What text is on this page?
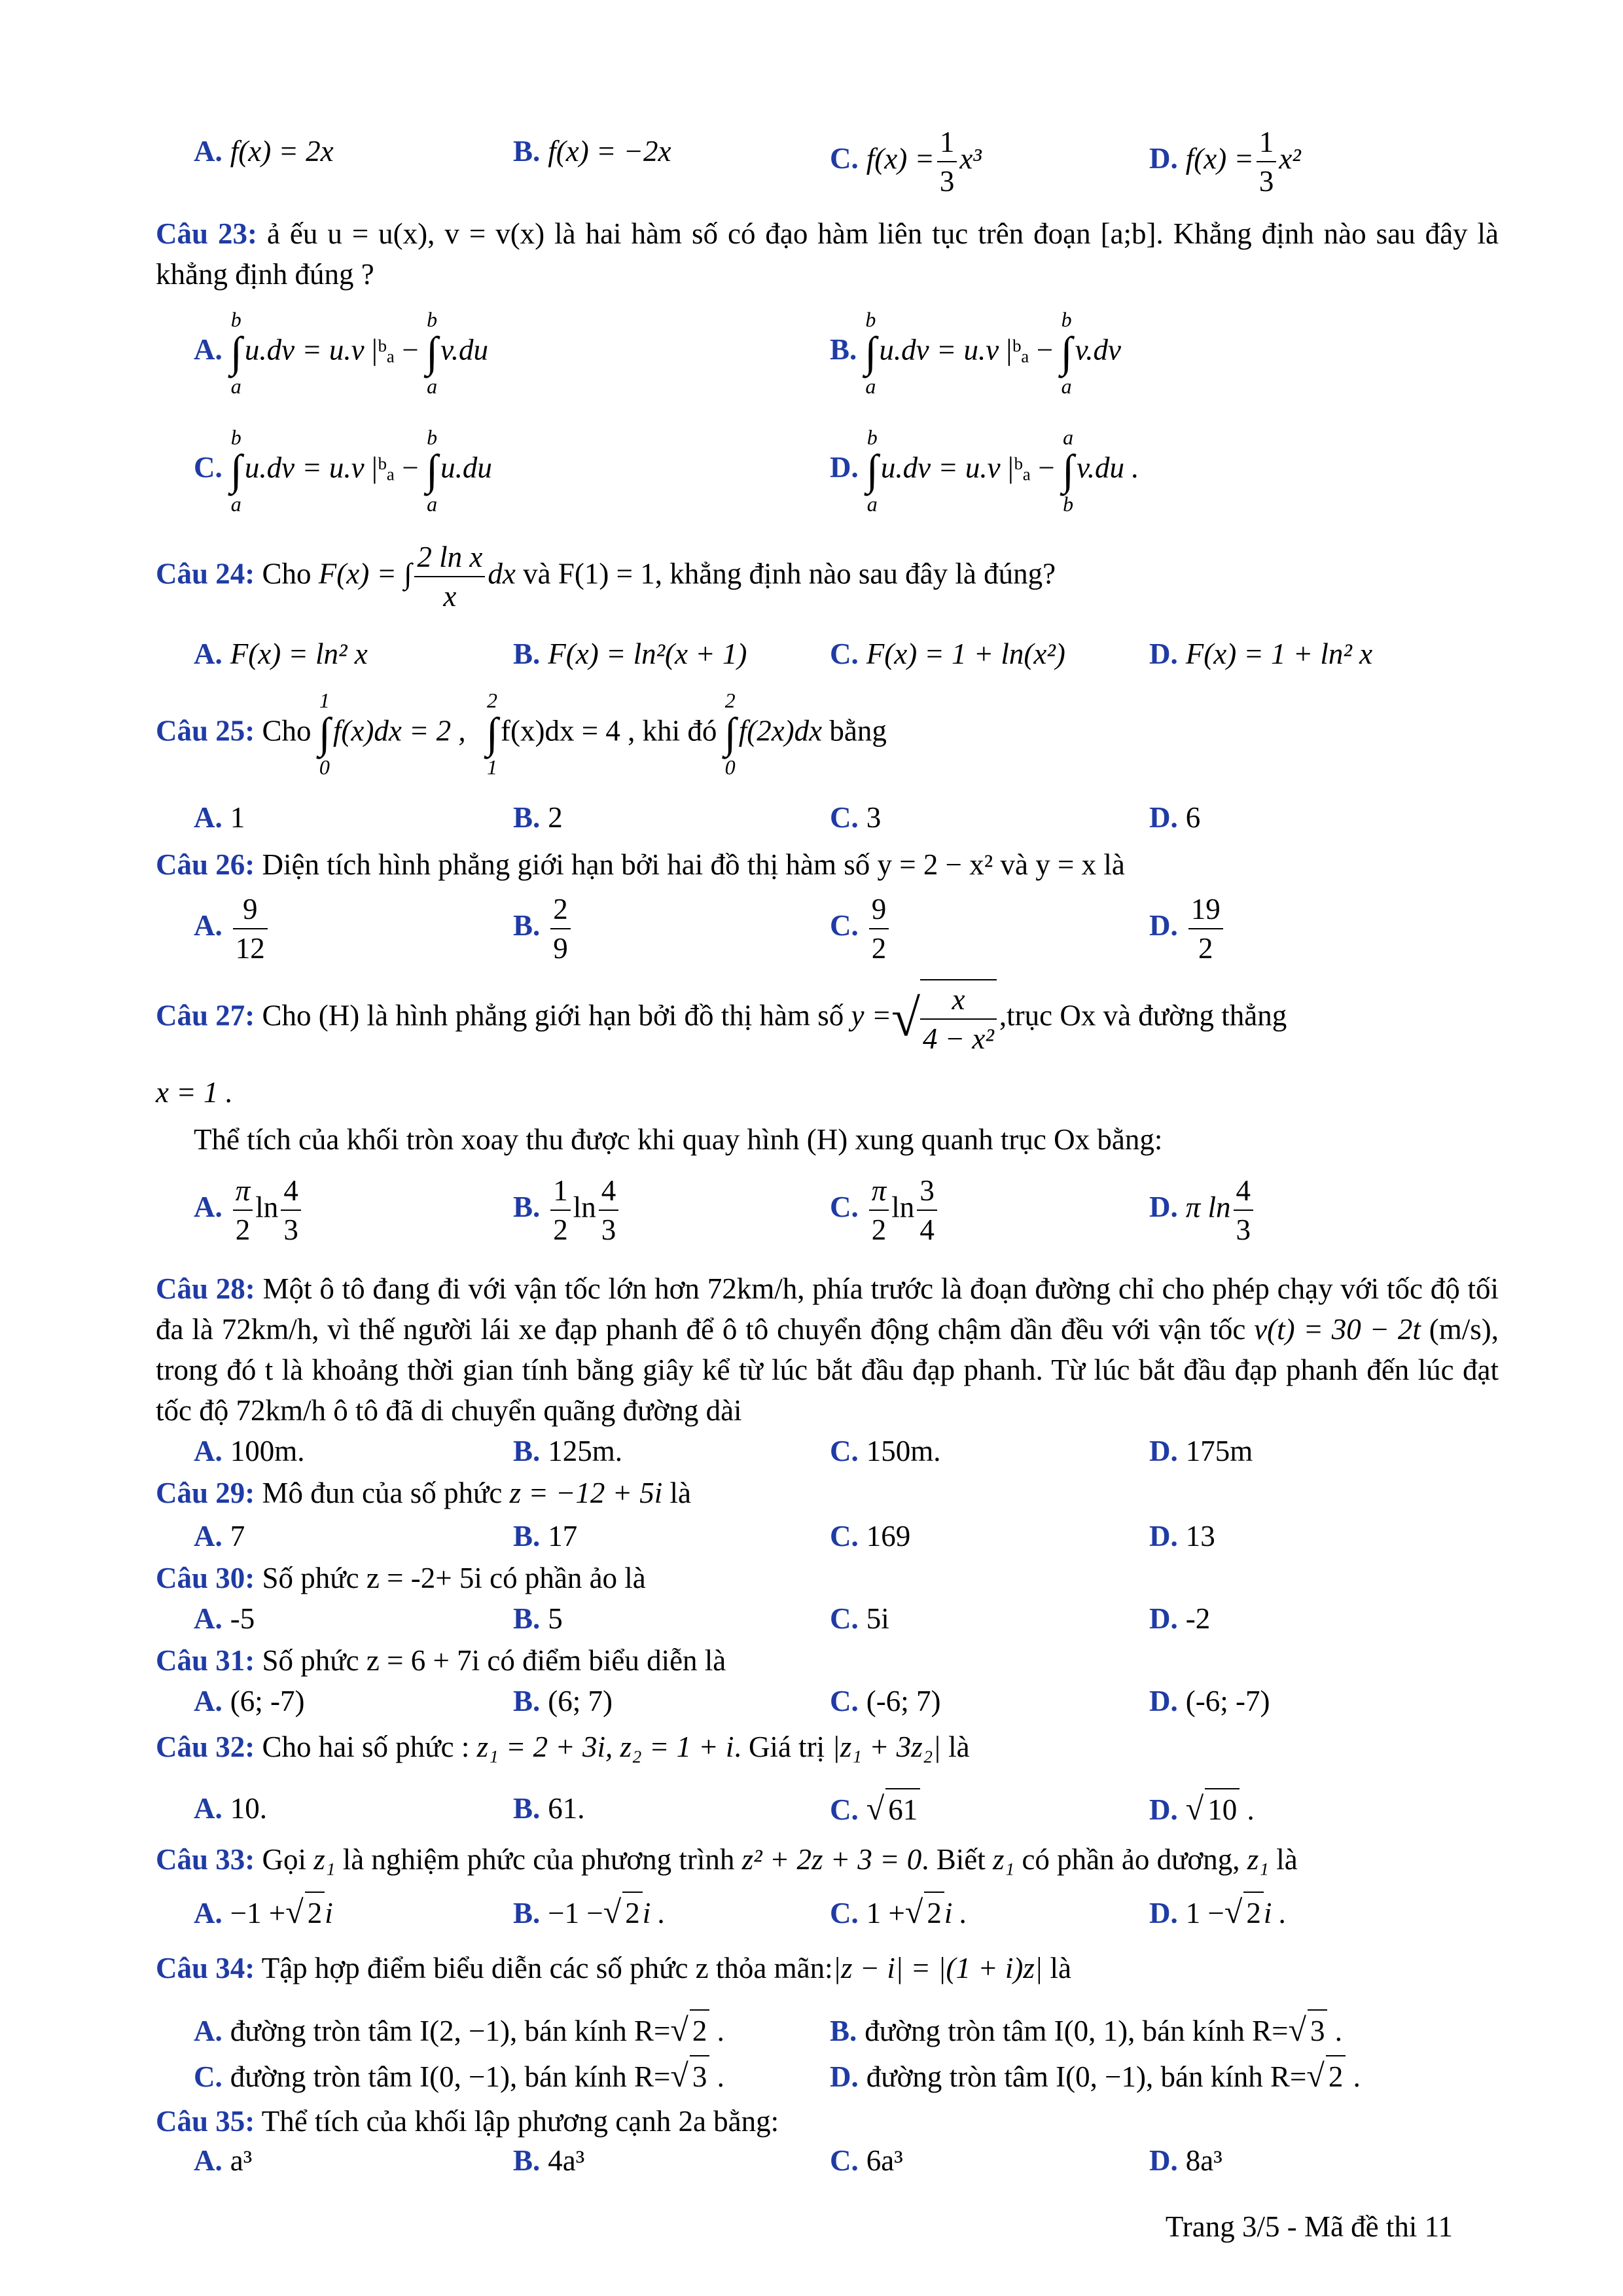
A. f(x) = 2x	B. f(x) = −2x	C. $f(x) = \frac{1}{3} x^3$	D. $f(x) = \frac{1}{3} x^2$
Câu 23: ả ếu u = u(x), v = v(x) là hai hàm số có đạo hàm liên tục trên đoạn [a;b]. Khẳng định nào sau đây là khẳng định đúng ?
A.
b
∫
a
u.dv = u.v |ᵇₐ −
b
∫
a
v.du	B.
b
∫
a
u.dv = u.v |ᵇₐ −
b
∫
a
v.dv
C.
b
∫
a
u.dv = u.v |ᵇₐ −
b
∫
a
u.du	D.
b
∫
a
u.dv = u.v |ᵇₐ −
a
∫
b
v.du .
Câu 24: Cho F(x) = ∫ $\frac{\text{2 ln x}}{x}$ dx và F(1) = 1, khẳng định nào sau đây là đúng?
A. F(x) = ln² x	B. F(x) = ln²(x + 1)	C. F(x) = 1 + ln(x²)	D. F(x) = 1 + ln² x
Câu 25: Cho
1
∫
0
f(x)dx = 2 ,
2
∫
1
f(x)dx = 4 , khi đó
2
∫
0
f(2x)dx bằng
A. 1	B. 2	C. 3	D. 6
Câu 26: Diện tích hình phẳng giới hạn bởi hai đồ thị hàm số y = 2 − x² và y = x là
A. $\frac{9}{12}$	B. $\frac{2}{9}$	C. $\frac{9}{2}$	D. $\frac{19}{2}$
Câu 27: Cho (H) là hình phẳng giới hạn bởi đồ thị hàm số y =√ $\frac{x}{\text{4 − x²}}$ ,trục Ox và đường thẳng
x = 1 .
Thể tích của khối tròn xoay thu được khi quay hình (H) xung quanh trục Ox bằng:
A. $\frac{\pi}{2}$ $\ln \frac{4}{3}$	B. $\frac{1}{2}$ $\ln \frac{4}{3}$	C. $\frac{\pi}{2}$ $\ln \frac{3}{4}$	D. π $\ln \frac{4}{3}$
Câu 28: Một ô tô đang đi với vận tốc lớn hơn 72km/h, phía trước là đoạn đường chỉ cho phép chạy với tốc độ tối đa là 72km/h, vì thế người lái xe đạp phanh để ô tô chuyển động chậm dần đều với vận tốc v(t) = 30 − 2t (m/s), trong đó t là khoảng thời gian tính bằng giây kể từ lúc bắt đầu đạp phanh. Từ lúc bắt đầu đạp phanh đến lúc đạt tốc độ 72km/h ô tô đã di chuyển quãng đường dài
A. 100m.	B. 125m.	C. 150m.	D. 175m
Câu 29: Mô đun của số phức z = −12 + 5i là
A. 7	B. 17	C. 169	D. 13
Câu 30: Số phức z = -2+ 5i có phần ảo là
A. -5	B. 5	C. 5i	D. -2
Câu 31: Số phức z = 6 + 7i có điểm biểu diễn là
A. (6; -7)	B. (6; 7)	C. (-6; 7)	D. (-6; -7)
Câu 32: Cho hai số phức : z₁ = 2 + 3i, z₂ = 1 + i. Giá trị |z₁ + 3z₂| là
A. 10.	B. 61.	C. √ 61	D. √ 10 .
Câu 33: Gọi z₁ là nghiệm phức của phương trình z² + 2z + 3 = 0. Biết z₁ có phần ảo dương, z₁ là
A. −1 +√ 2i	B. −1 −√ 2i .	C. 1 +√ 2i .	D. 1 −√ 2i .
Câu 34: Tập hợp điểm biểu diễn các số phức z thỏa mãn:|z − i| = |(1 + i)z| là
A. đường tròn tâm I(2, −1), bán kính R=√ 2 .	B. đường tròn tâm I(0, 1), bán kính R=√ 3 .
C. đường tròn tâm I(0, −1), bán kính R=√ 3 .	D. đường tròn tâm I(0, −1), bán kính R=√ 2 .
Câu 35: Thể tích của khối lập phương cạnh 2a bằng:
A. a³	B. 4a³	C. 6a³	D. 8a³
Trang 3/5 - Mã đề thi 11
